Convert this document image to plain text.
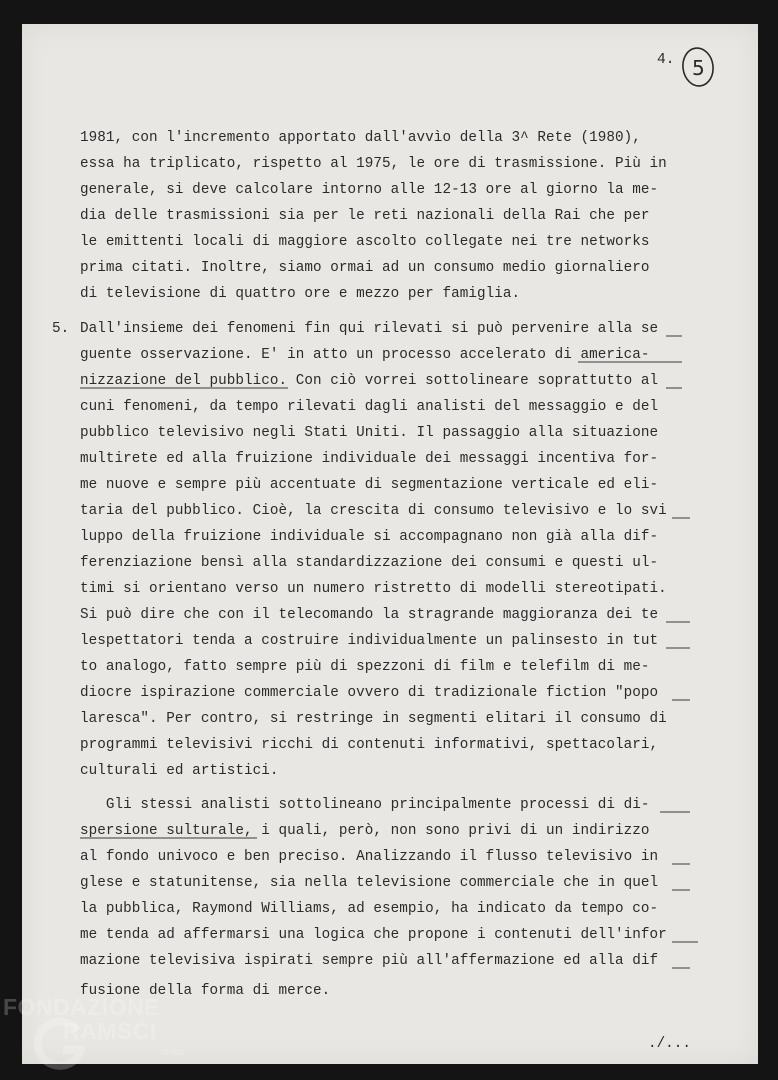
4. 5

1981, con l'incremento apportato dall'avvìo della 3^ Rete (1980),

essa ha triplicato, rispetto al 1975, le ore di trasmissione. Più in

generale, si deve calcolare intorno alle 12-13 ore al giorno la me-

dia delle trasmissioni sia per le reti nazionali della Rai che per

le emittenti locali di maggiore ascolto collegate nei tre networks

prima citati. Inoltre, siamo ormai ad un consumo medio giornaliero

di televisione di quattro ore e mezzo per famiglia.

5. Dall'insieme dei fenomeni fin qui rilevati si può pervenire alla se

guente osservazione. E' in atto un processo accelerato di america-

nizzazione del pubblico. Con ciò vorrei sottolineare soprattutto al

cuni fenomeni, da tempo rilevati dagli analisti del messaggio e del

pubblico televisivo negli Stati Uniti. Il passaggio alla situazione

multirete ed alla fruizione individuale dei messaggi incentiva for-

me nuove e sempre più accentuate di segmentazione verticale ed eli-

taria del pubblico. Cioè, la crescita di consumo televisivo e lo svi

luppo della fruizione individuale si accompagnano non già alla dif-

ferenziazione bensì alla standardizzazione dei consumi e questi ul-

timi si orientano verso un numero ristretto di modelli stereotipati.

Si può dire che con il telecomando la stragrande maggioranza dei te

lespettatori tenda a costruire individualmente un palinsesto in tut

to analogo, fatto sempre più di spezzoni di film e telefilm di me-

diocre ispirazione commerciale ovvero di tradizionale fiction "popo

laresca". Per contro, si restringe in segmenti elitari il consumo di

programmi televisivi ricchi di contenuti informativi, spettacolari,

culturali ed artistici.

Gli stessi analisti sottolineano principalmente processi di di-

spersione sulturale, i quali, però, non sono privi di un indirizzo

al fondo univoco e ben preciso. Analizzando il flusso televisivo in

glese e statunitense, sia nella televisione commerciale che in quel

la pubblica, Raymond Williams, ad esempio, ha indicato da tempo co-

me tenda ad affermarsi una logica che propone i contenuti dell'infor

mazione televisiva ispirati sempre più all'affermazione ed alla dif

fusione della forma di merce.

./...
FONDAZIONE
RAMSCI
onlus
